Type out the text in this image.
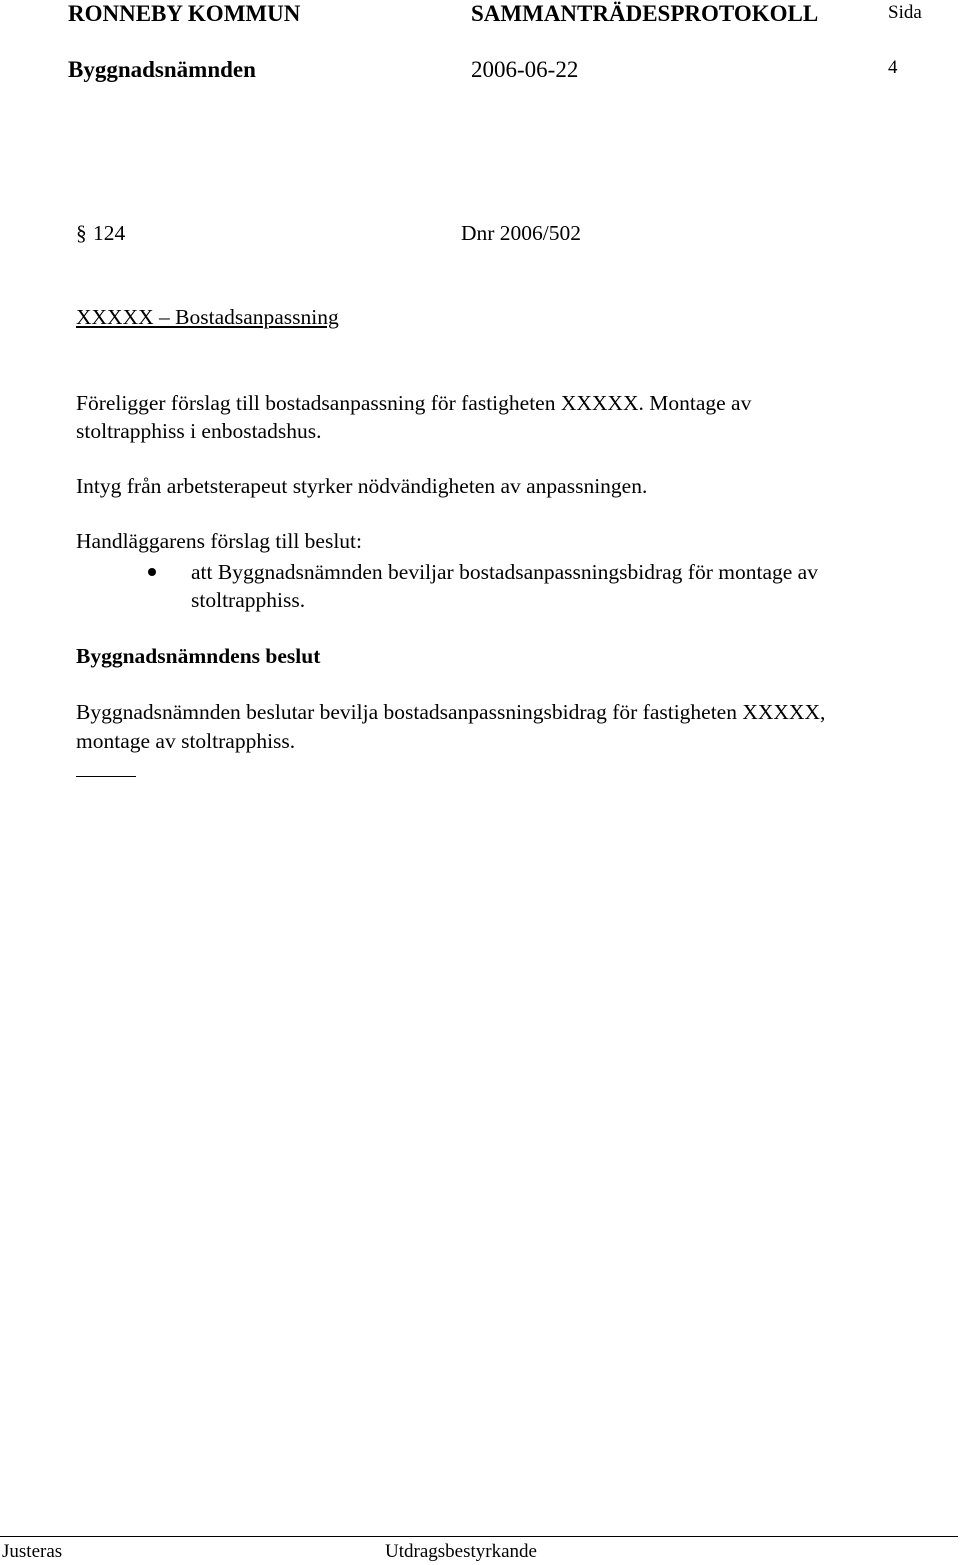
RONNEBY KOMMUN	SAMMANTRÄDESPROTOKOLL	Sida
Byggnadsnämnden	2006-06-22	4
§ 124	Dnr 2006/502
XXXXX – Bostadsanpassning
Föreligger förslag till bostadsanpassning för fastigheten XXXXX. Montage av
stoltrapphiss i enbostadshus.
Intyg från arbetsterapeut styrker nödvändigheten av anpassningen.
Handläggarens förslag till beslut:
att Byggnadsnämnden beviljar bostadsanpassningsbidrag för montage av
stoltrapphiss.
Byggnadsnämndens beslut
Byggnadsnämnden beslutar bevilja bostadsanpassningsbidrag för fastigheten XXXXX,
montage av stoltrapphiss.
Justeras	Utdragsbestyrkande
